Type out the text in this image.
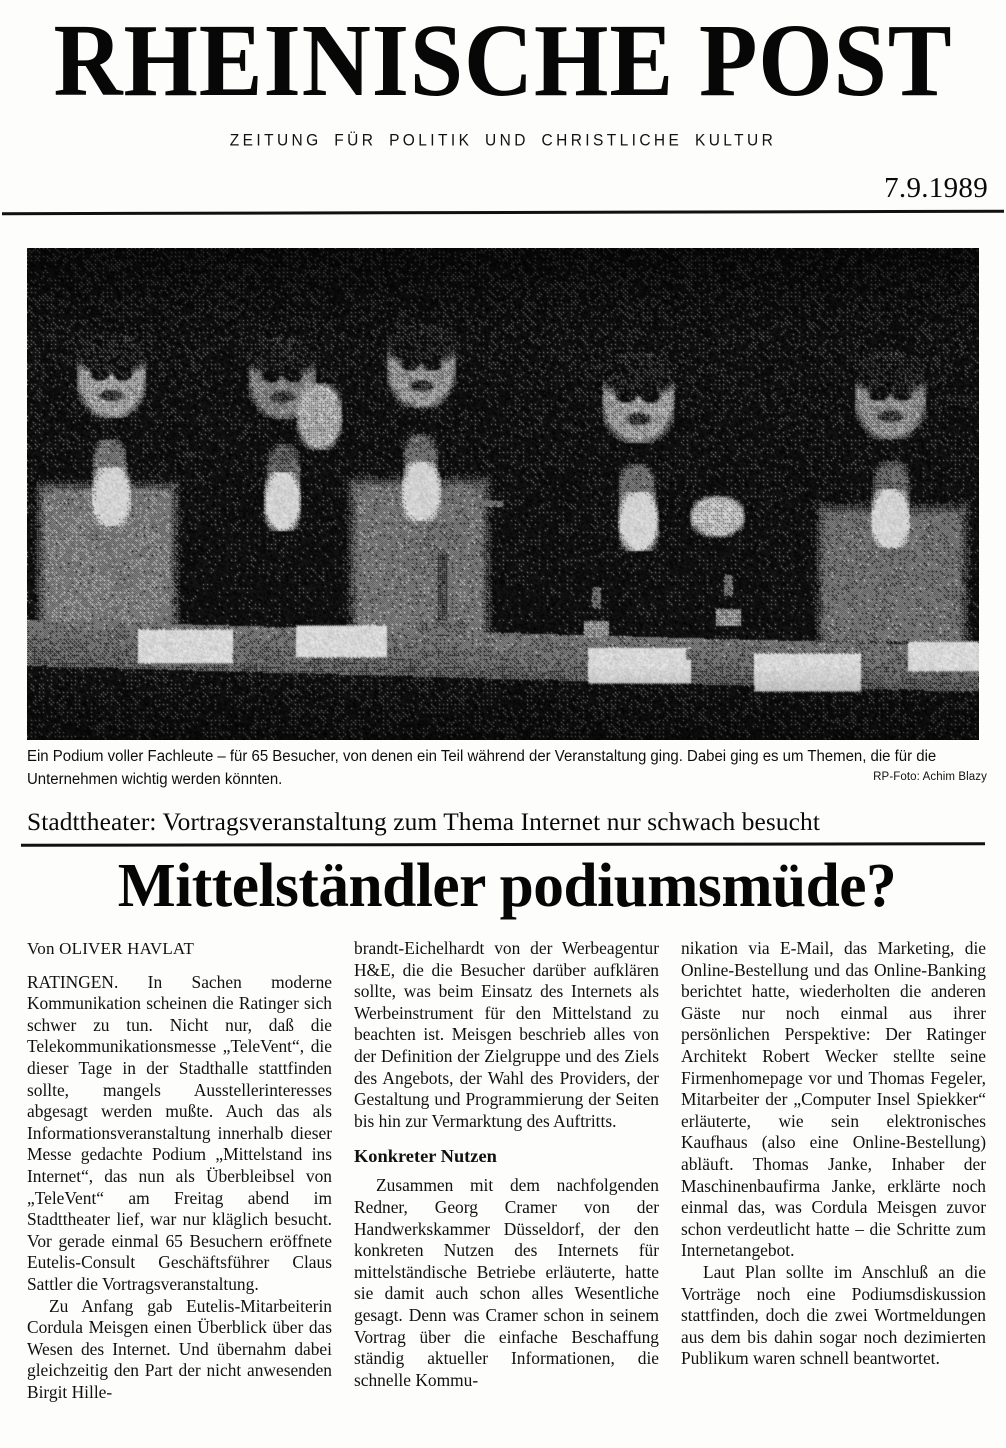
RHEINISCHE POST
ZEITUNG FÜR POLITIK UND CHRISTLICHE KULTUR
7.9.1989
Ein Podium voller Fachleute – für 65 Besucher, von denen ein Teil während der Veranstaltung ging. Dabei ging es um Themen, die für die Unternehmen wichtig werden könnten.	RP-Foto: Achim Blazy
Stadttheater: Vortragsveranstaltung zum Thema Internet nur schwach besucht
Mittelständler podiumsmüde?

Von OLIVER HAVLAT

RATINGEN. In Sachen moderne Kommunikation scheinen die Ratinger sich schwer zu tun. Nicht nur, daß die Telekommunikationsmesse „TeleVent“, die dieser Tage in der Stadthalle stattfinden sollte, mangels Ausstellerinteresses abgesagt werden mußte. Auch das als Informationsveranstaltung innerhalb dieser Messe gedachte Podium „Mittelstand ins Internet“, das nun als Überbleibsel von „TeleVent“ am Freitag abend im Stadttheater lief, war nur kläglich besucht. Vor gerade einmal 65 Besuchern eröffnete Eutelis-Consult Geschäftsführer Claus Sattler die Vortragsveranstaltung.

Zu Anfang gab Eutelis-Mitarbeiterin Cordula Meisgen einen Überblick über das Wesen des Internet. Und übernahm dabei gleichzeitig den Part der nicht anwesenden Birgit Hille-

brandt-Eichelhardt von der Werbeagentur H&E, die die Besucher darüber aufklären sollte, was beim Einsatz des Internets als Werbeinstrument für den Mittelstand zu beachten ist. Meisgen beschrieb alles von der Definition der Zielgruppe und des Ziels des Angebots, der Wahl des Providers, der Gestaltung und Programmierung der Seiten bis hin zur Vermarktung des Auftritts.

Konkreter Nutzen

Zusammen mit dem nachfolgenden Redner, Georg Cramer von der Handwerkskammer Düsseldorf, der den konkreten Nutzen des Internets für mittelständische Betriebe erläuterte, hatte sie damit auch schon alles Wesentliche gesagt. Denn was Cramer schon in seinem Vortrag über die einfache Beschaffung ständig aktueller Informationen, die schnelle Kommu-

nikation via E-Mail, das Marketing, die Online-Bestellung und das Online-Banking berichtet hatte, wiederholten die anderen Gäste nur noch einmal aus ihrer persönlichen Perspektive: Der Ratinger Architekt Robert Wecker stellte seine Firmenhomepage vor und Thomas Fegeler, Mitarbeiter der „Computer Insel Spiekker“ erläuterte, wie sein elektronisches Kaufhaus (also eine Online-Bestellung) abläuft. Thomas Janke, Inhaber der Maschinenbaufirma Janke, erklärte noch einmal das, was Cordula Meisgen zuvor schon verdeutlicht hatte – die Schritte zum Internetangebot.

Laut Plan sollte im Anschluß an die Vorträge noch eine Podiumsdiskussion stattfinden, doch die zwei Wortmeldungen aus dem bis dahin sogar noch dezimierten Publikum waren schnell beantwortet.
